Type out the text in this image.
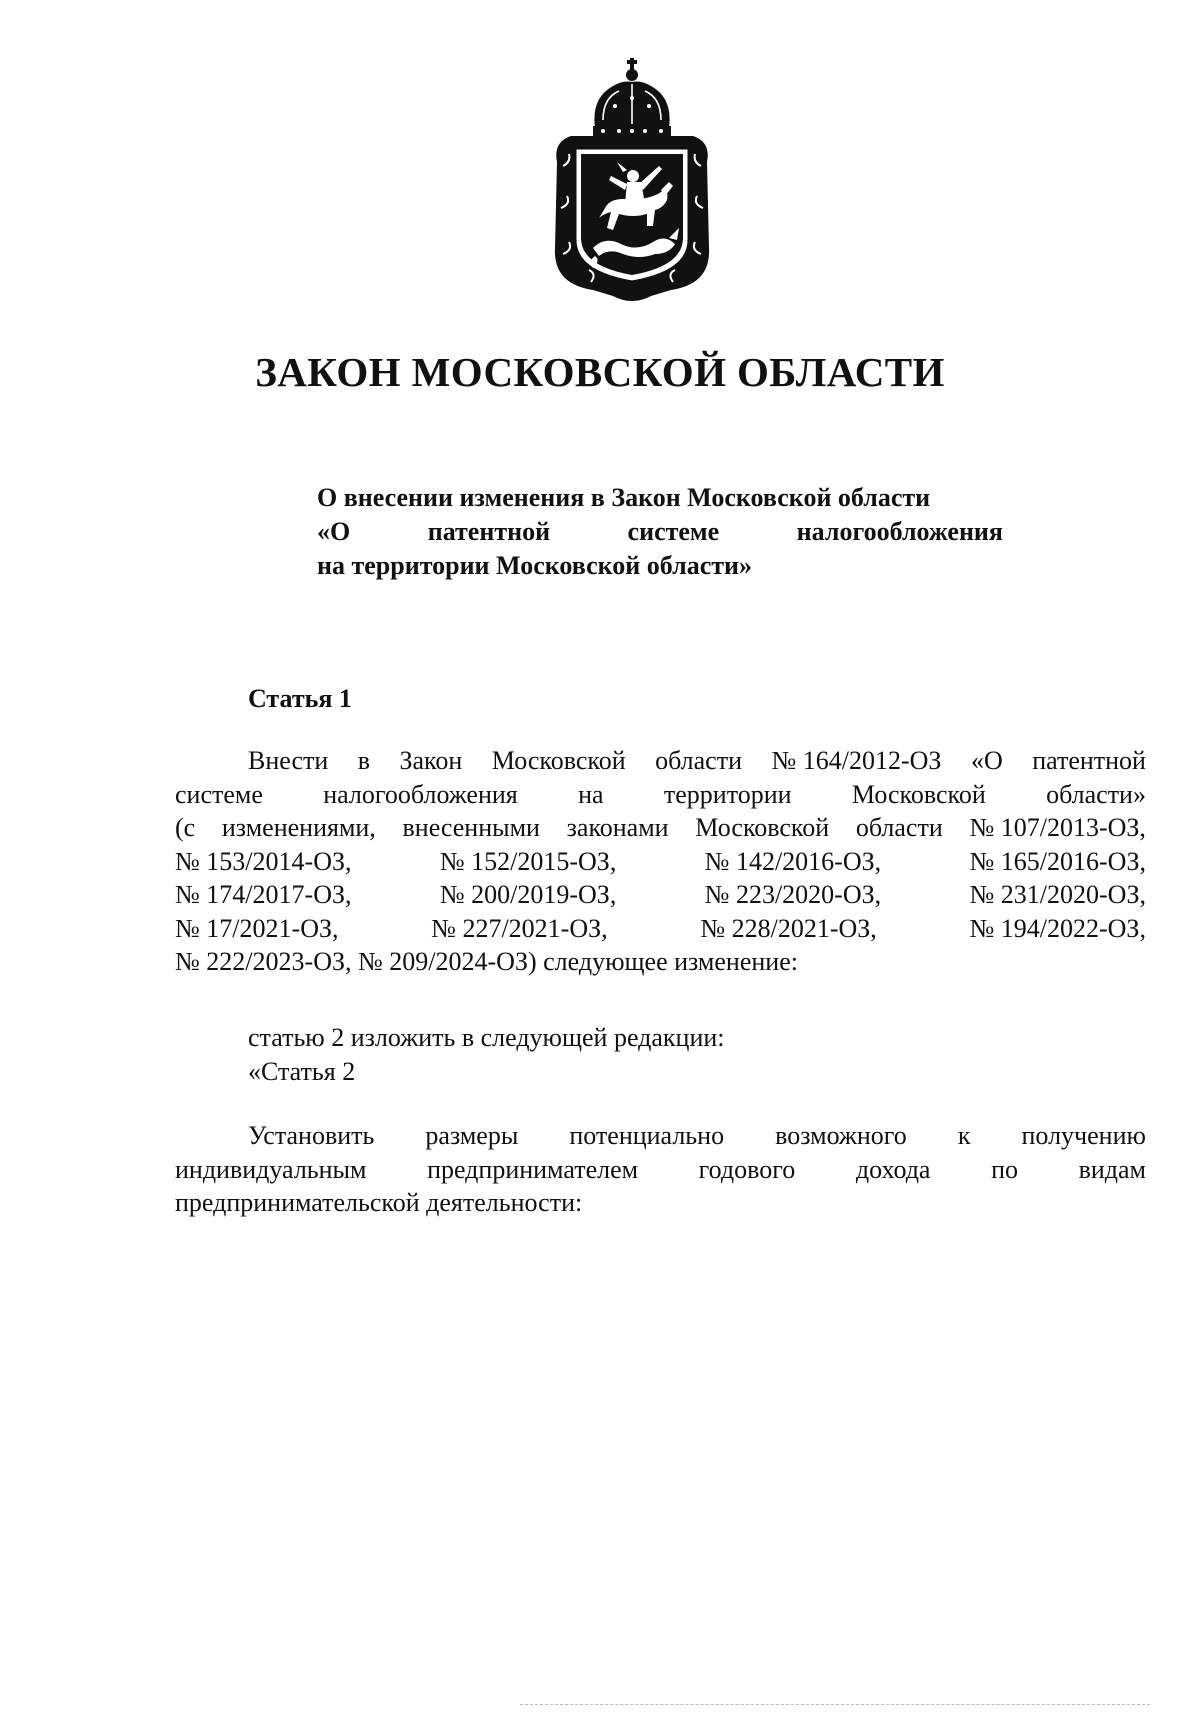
ЗАКОН МОСКОВСКОЙ ОБЛАСТИ
О внесении изменения в Закон Московской области
«О	патентной	системе	налогообложения
на территории Московской области»
Статья 1
Внести в Закон Московской области № 164/2012-ОЗ «О патентной
системе налогообложения на территории Московской области»
(с изменениями, внесенными законами Московской области № 107/2013-ОЗ,
№ 153/2014-ОЗ,	№ 152/2015-ОЗ,	№ 142/2016-ОЗ,	№ 165/2016-ОЗ,
№ 174/2017-ОЗ,	№ 200/2019-ОЗ,	№ 223/2020-ОЗ,	№ 231/2020-ОЗ,
№ 17/2021-ОЗ,	№ 227/2021-ОЗ,	№ 228/2021-ОЗ,	№ 194/2022-ОЗ,
№ 222/2023-ОЗ, № 209/2024-ОЗ) следующее изменение:
статью 2 изложить в следующей редакции:
«Статья 2
Установить размеры потенциально возможного к получению
индивидуальным предпринимателем годового дохода по видам
предпринимательской деятельности:
